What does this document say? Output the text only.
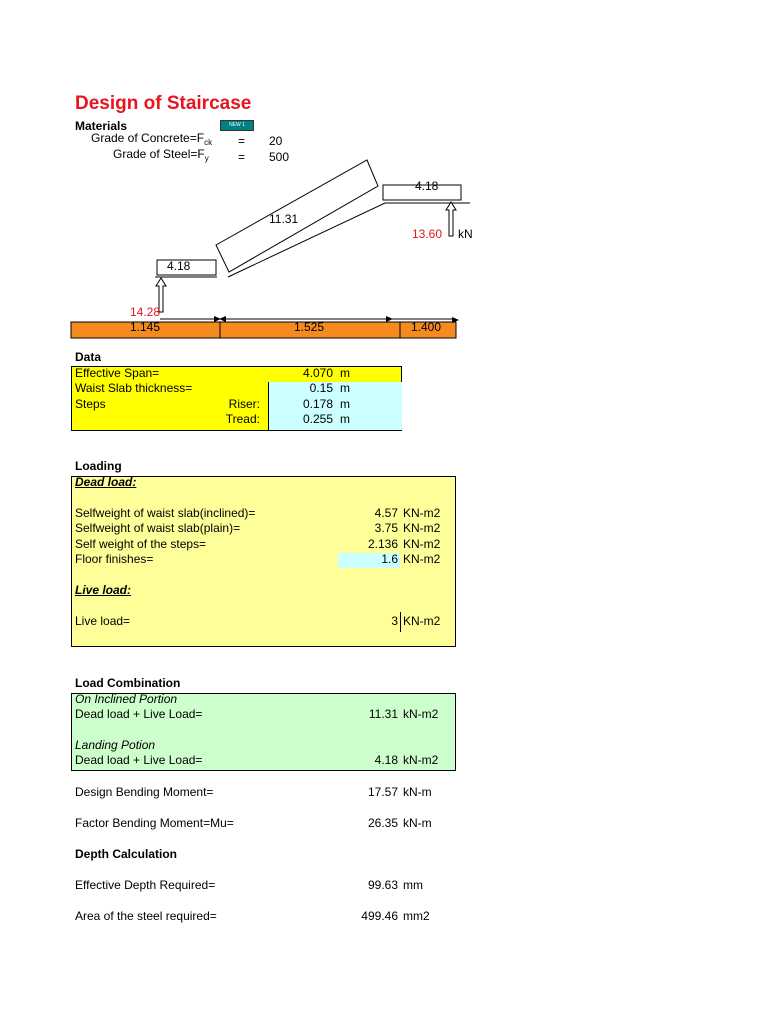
Design of Staircase
Materials	NEW 1
Grade of $Concrete=F_{ck} = 20$
Grade of $Steel=F_y = 500$
4.18
11.31
13.60 kN
4.18
14.28
1.145	1.525	1.400
Data
Effective Span=	4.070 m
Waist Slab thickness=	0.15 m
Steps	Riser:	0.178 m
Tread:	0.255 m
Loading
Dead load:
Selfweight of waist slab(inclined)=	4.57 KN-m2
Selfweight of waist slab(plain)=	3.75 KN-m2
Self weight of the steps=	2.136 KN-m2
Floor finishes=	1.6 KN-m2
Live load:
Live load=	3 KN-m2
Load Combination
On Inclined Portion
Dead load + Live Load=	11.31 kN-m2
Landing Potion
Dead load + Live Load=	4.18 kN-m2
Design Bending Moment=	17.57 kN-m
Factor Bending Moment=Mu=	26.35 kN-m
Depth Calculation
Effective Depth Required=	99.63 mm
Area of the steel required=	499.46 mm2
